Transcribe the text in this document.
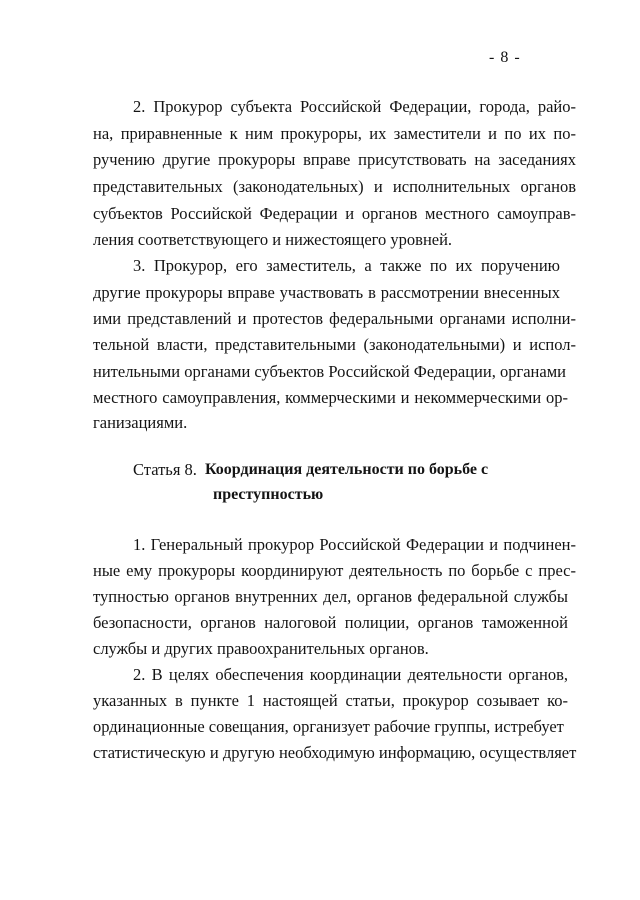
- 8 -
2. Прокурор субъекта Российской Федерации, города, райо-
на, приравненные к ним прокуроры, их заместители и по их по-
ручению другие прокуроры вправе присутствовать на заседаниях
представительных (законодательных) и исполнительных органов
субъектов Российской Федерации и органов местного самоуправ-
ления соответствующего и нижестоящего уровней.
3. Прокурор, его заместитель, а также по их поручению
другие прокуроры вправе участвовать в рассмотрении внесенных
ими представлений и протестов федеральными органами исполни-
тельной власти, представительными (законодательными) и испол-
нительными органами субъектов Российской Федерации, органами
местного самоуправления, коммерческими и некоммерческими ор-
ганизациями.
Статья 8. Координация деятельности по борьбе с
преступностью
1. Генеральный прокурор Российской Федерации и подчинен-
ные ему прокуроры координируют деятельность по борьбе с прес-
тупностью органов внутренних дел, органов федеральной службы
безопасности, органов налоговой полиции, органов таможенной
службы и других правоохранительных органов.
2. В целях обеспечения координации деятельности органов,
указанных в пункте 1 настоящей статьи, прокурор созывает ко-
ординационные совещания, организует рабочие группы, истребует
статистическую и другую необходимую информацию, осуществляет
